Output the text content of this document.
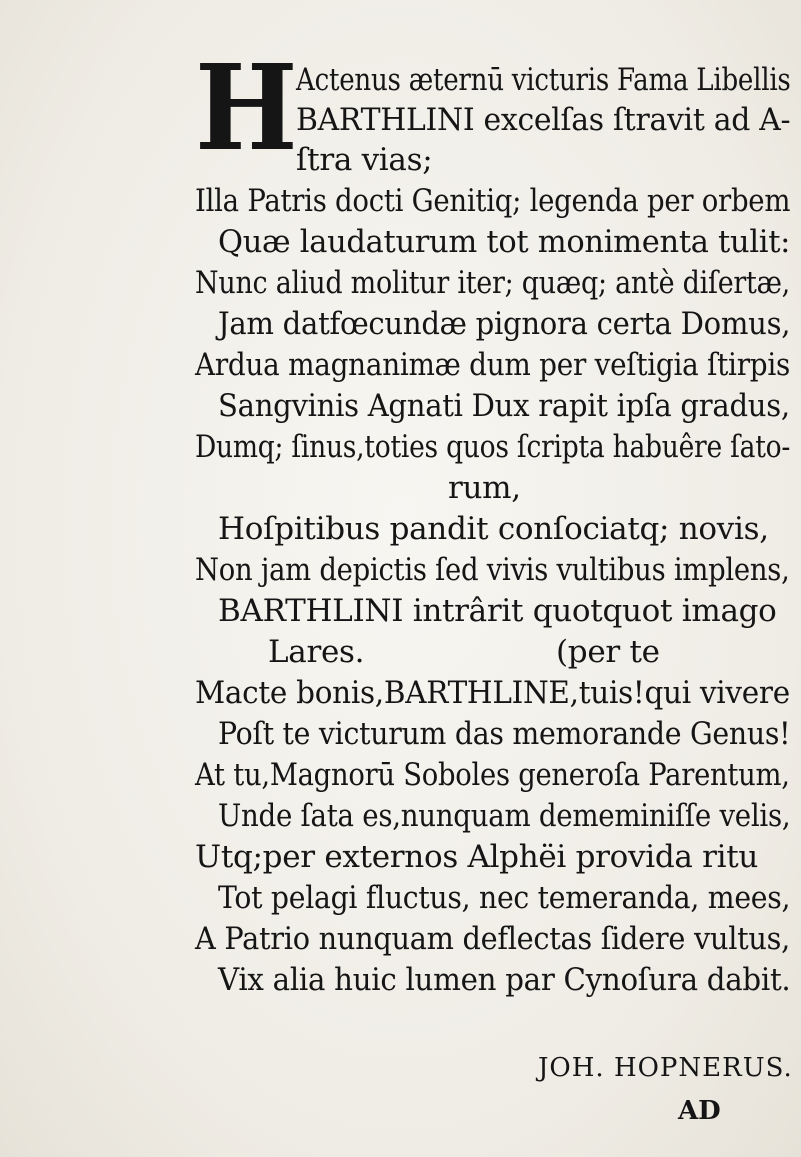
H
Actenus æternū victuris Fama Libellis
BARTHLINI excelſas ſtravit ad A-
ſtra vias;
Illa Patris docti Genitiq; legenda per orbem
Quæ laudaturum tot monimenta tulit:
Nunc aliud molitur iter; quæq; antè diſertæ,
Jam datfœcundæ pignora certa Domus,
Ardua magnanimæ dum per veſtigia ſtirpis
Sangvinis Agnati Dux rapit ipſa gradus,
Dumq; ſinus,toties quos ſcripta habuêre ſato-
rum,
Hoſpitibus pandit conſociatq; novis,
Non jam depictis ſed vivis vultibus implens,
BARTHLINI intrârit quotquot imago
Lares.	(per te
Macte bonis,BARTHLINE,tuis!qui vivere
Poſt te victurum das memorande Genus!
At tu,Magnorū Soboles generoſa Parentum,
Unde ſata es,nunquam dememiniſſe velis,
Utq;per externos Alphëi provida ritu
Tot pelagi fluctus, nec temeranda, mees,
A Patrio nunquam deflectas ſidere vultus,
Vix alia huic lumen par Cynoſura dabit.
JOH. HOPNERUS.
AD
